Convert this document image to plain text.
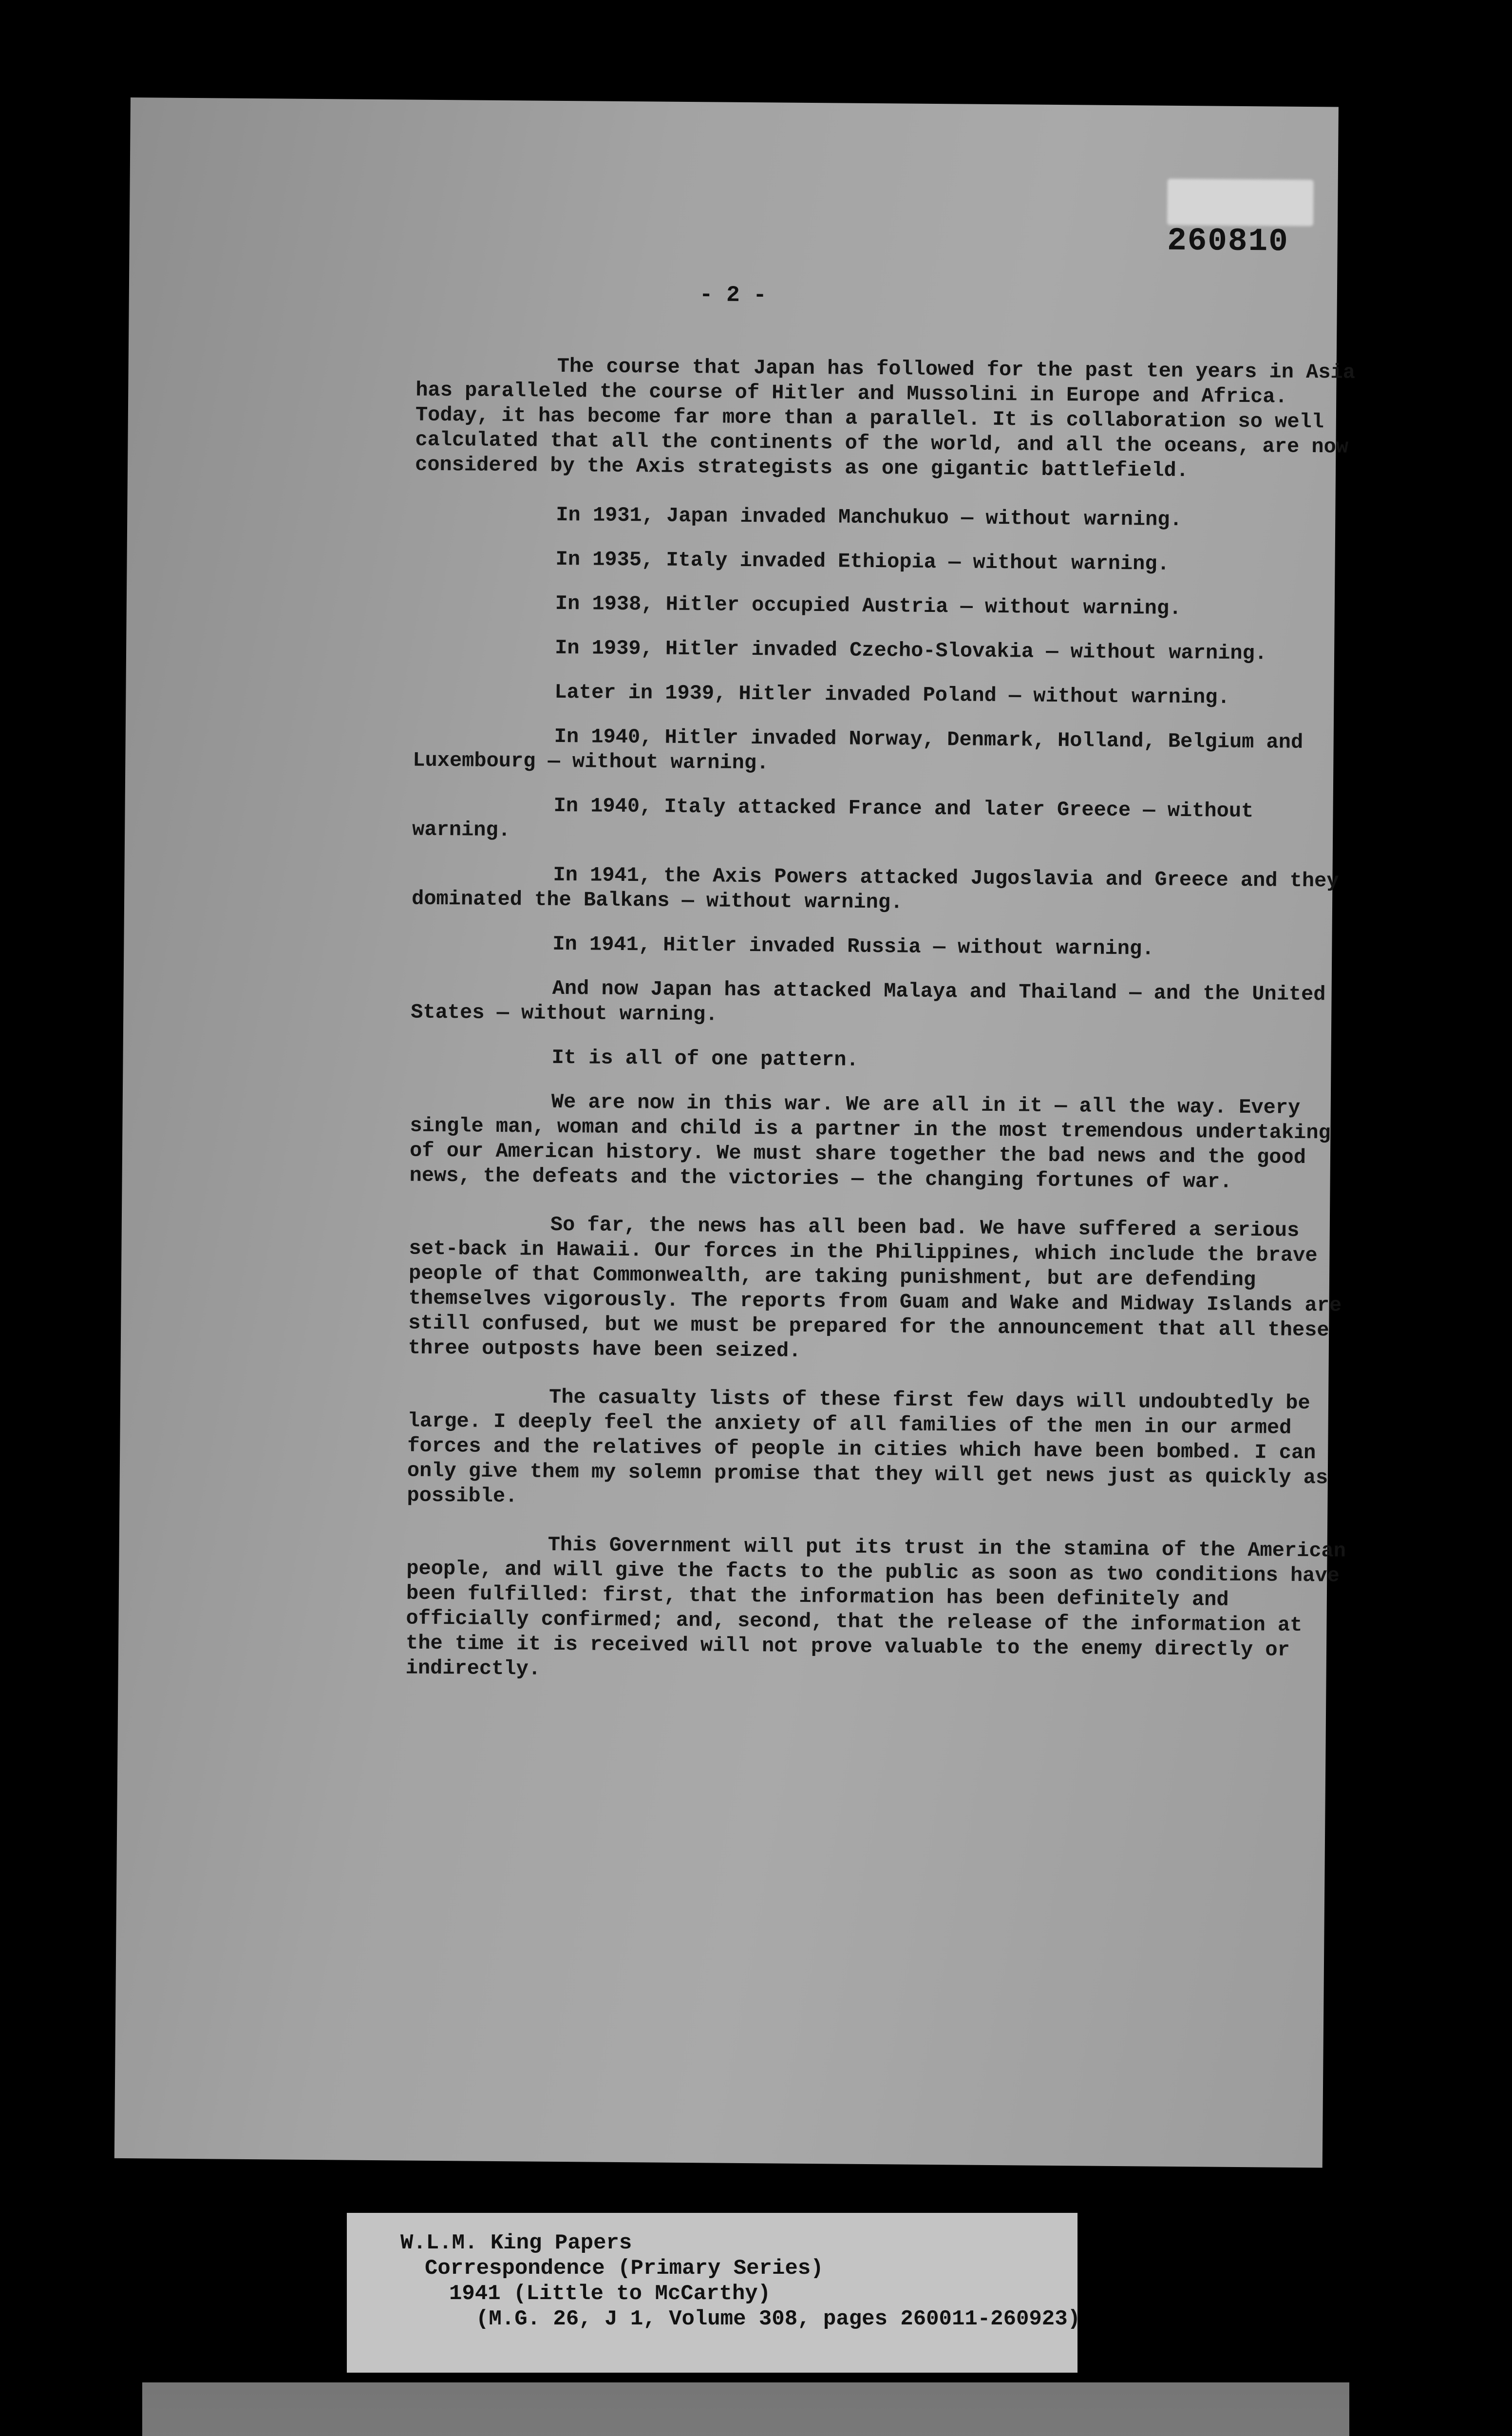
260810
- 2 -

The course that Japan has followed for the past ten years in Asia has paralleled the course of Hitler and Mussolini in Europe and Africa. Today, it has become far more than a parallel. It is collaboration so well calculated that all the continents of the world, and all the oceans, are now considered by the Axis strategists as one gigantic battlefield.

In 1931, Japan invaded Manchukuo — without warning.

In 1935, Italy invaded Ethiopia — without warning.

In 1938, Hitler occupied Austria — without warning.

In 1939, Hitler invaded Czecho-Slovakia — without warning.

Later in 1939, Hitler invaded Poland — without warning.

In 1940, Hitler invaded Norway, Denmark, Holland, Belgium and Luxembourg — without warning.

In 1940, Italy attacked France and later Greece — without warning.

In 1941, the Axis Powers attacked Jugoslavia and Greece and they dominated the Balkans — without warning.

In 1941, Hitler invaded Russia — without warning.

And now Japan has attacked Malaya and Thailand — and the United States — without warning.

It is all of one pattern.

We are now in this war. We are all in it — all the way. Every single man, woman and child is a partner in the most tremendous undertaking of our American history. We must share together the bad news and the good news, the defeats and the victories — the changing fortunes of war.

So far, the news has all been bad. We have suffered a serious set-back in Hawaii. Our forces in the Philippines, which include the brave people of that Commonwealth, are taking punishment, but are defending themselves vigorously. The reports from Guam and Wake and Midway Islands are still confused, but we must be prepared for the announcement that all these three outposts have been seized.

The casualty lists of these first few days will undoubtedly be large. I deeply feel the anxiety of all families of the men in our armed forces and the relatives of people in cities which have been bombed. I can only give them my solemn promise that they will get news just as quickly as possible.

This Government will put its trust in the stamina of the American people, and will give the facts to the public as soon as two conditions have been fulfilled: first, that the information has been definitely and officially confirmed; and, second, that the release of the information at the time it is received will not prove valuable to the enemy directly or indirectly.

W.L.M. King Papers
Correspondence (Primary Series)
1941 (Little to McCarthy)
(M.G. 26, J 1, Volume 308, pages 260011-260923)
